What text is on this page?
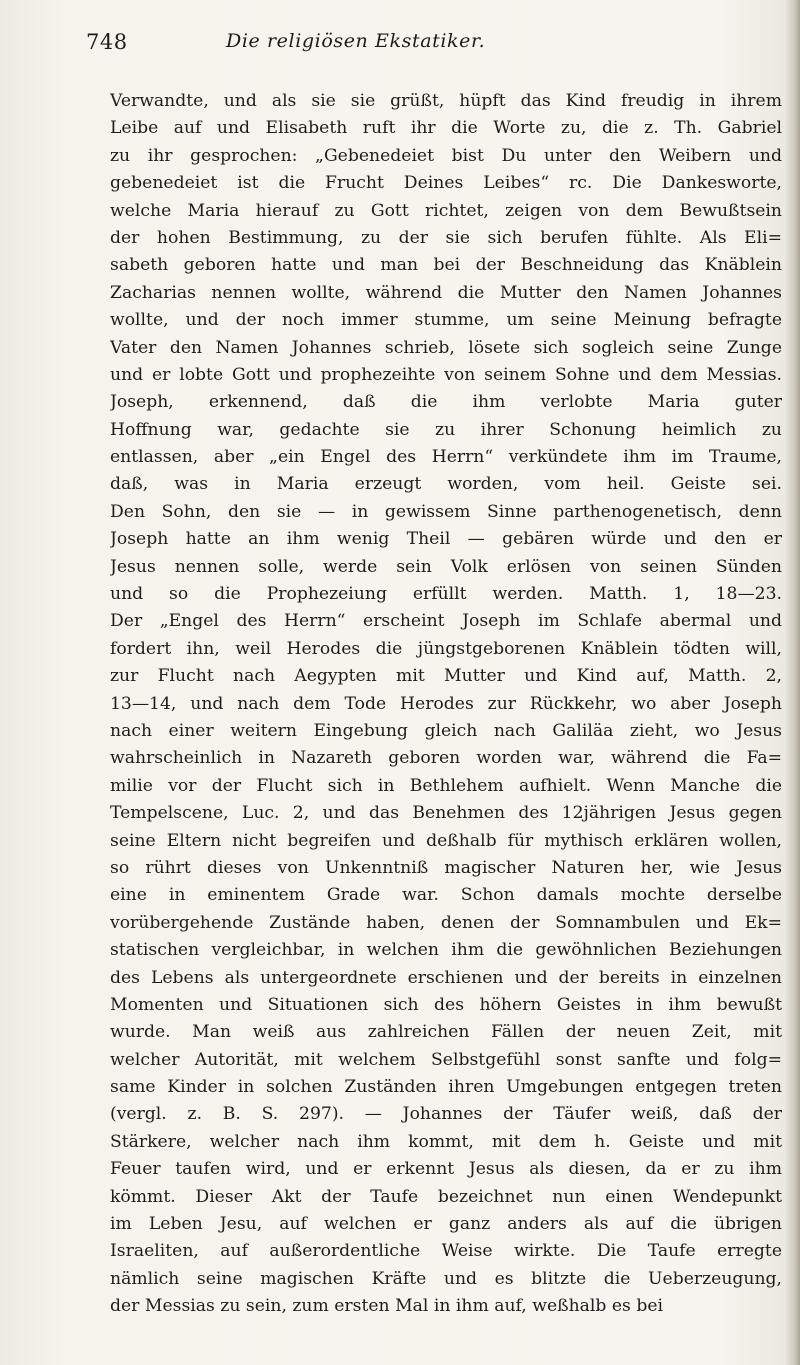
748	Die religiösen Ekstatiker.
Verwandte, und als sie sie grüßt, hüpft das Kind freudig in ihrem
Leibe auf und Elisabeth ruft ihr die Worte zu, die z. Th. Gabriel
zu ihr gesprochen: „Gebenedeiet bist Du unter den Weibern und
gebenedeiet ist die Frucht Deines Leibes“ rc. Die Dankesworte,
welche Maria hierauf zu Gott richtet, zeigen von dem Bewußtsein
der hohen Bestimmung, zu der sie sich berufen fühlte. Als Eli=
sabeth geboren hatte und man bei der Beschneidung das Knäblein
Zacharias nennen wollte, während die Mutter den Namen Johannes
wollte, und der noch immer stumme, um seine Meinung befragte
Vater den Namen Johannes schrieb, lösete sich sogleich seine Zunge
und er lobte Gott und prophezeihte von seinem Sohne und dem Messias.
Joseph, erkennend, daß die ihm verlobte Maria guter
Hoffnung war, gedachte sie zu ihrer Schonung heimlich zu
entlassen, aber „ein Engel des Herrn“ verkündete ihm im Traume,
daß, was in Maria erzeugt worden, vom heil. Geiste sei.
Den Sohn, den sie — in gewissem Sinne parthenogenetisch, denn
Joseph hatte an ihm wenig Theil — gebären würde und den er
Jesus nennen solle, werde sein Volk erlösen von seinen Sünden
und so die Prophezeiung erfüllt werden. Matth. 1, 18—23.
Der „Engel des Herrn“ erscheint Joseph im Schlafe abermal und
fordert ihn, weil Herodes die jüngstgeborenen Knäblein tödten will,
zur Flucht nach Aegypten mit Mutter und Kind auf, Matth. 2,
13—14, und nach dem Tode Herodes zur Rückkehr, wo aber Joseph
nach einer weitern Eingebung gleich nach Galiläa zieht, wo Jesus
wahrscheinlich in Nazareth geboren worden war, während die Fa=
milie vor der Flucht sich in Bethlehem aufhielt. Wenn Manche die
Tempelscene, Luc. 2, und das Benehmen des 12jährigen Jesus gegen
seine Eltern nicht begreifen und deßhalb für mythisch erklären wollen,
so rührt dieses von Unkenntniß magischer Naturen her, wie Jesus
eine in eminentem Grade war. Schon damals mochte derselbe
vorübergehende Zustände haben, denen der Somnambulen und Ek=
statischen vergleichbar, in welchen ihm die gewöhnlichen Beziehungen
des Lebens als untergeordnete erschienen und der bereits in einzelnen
Momenten und Situationen sich des höhern Geistes in ihm bewußt
wurde. Man weiß aus zahlreichen Fällen der neuen Zeit, mit
welcher Autorität, mit welchem Selbstgefühl sonst sanfte und folg=
same Kinder in solchen Zuständen ihren Umgebungen entgegen treten
(vergl. z. B. S. 297). — Johannes der Täufer weiß, daß der
Stärkere, welcher nach ihm kommt, mit dem h. Geiste und mit
Feuer taufen wird, und er erkennt Jesus als diesen, da er zu ihm
kömmt. Dieser Akt der Taufe bezeichnet nun einen Wendepunkt
im Leben Jesu, auf welchen er ganz anders als auf die übrigen
Israeliten, auf außerordentliche Weise wirkte. Die Taufe erregte
nämlich seine magischen Kräfte und es blitzte die Ueberzeugung,
der Messias zu sein, zum ersten Mal in ihm auf, weßhalb es bei
